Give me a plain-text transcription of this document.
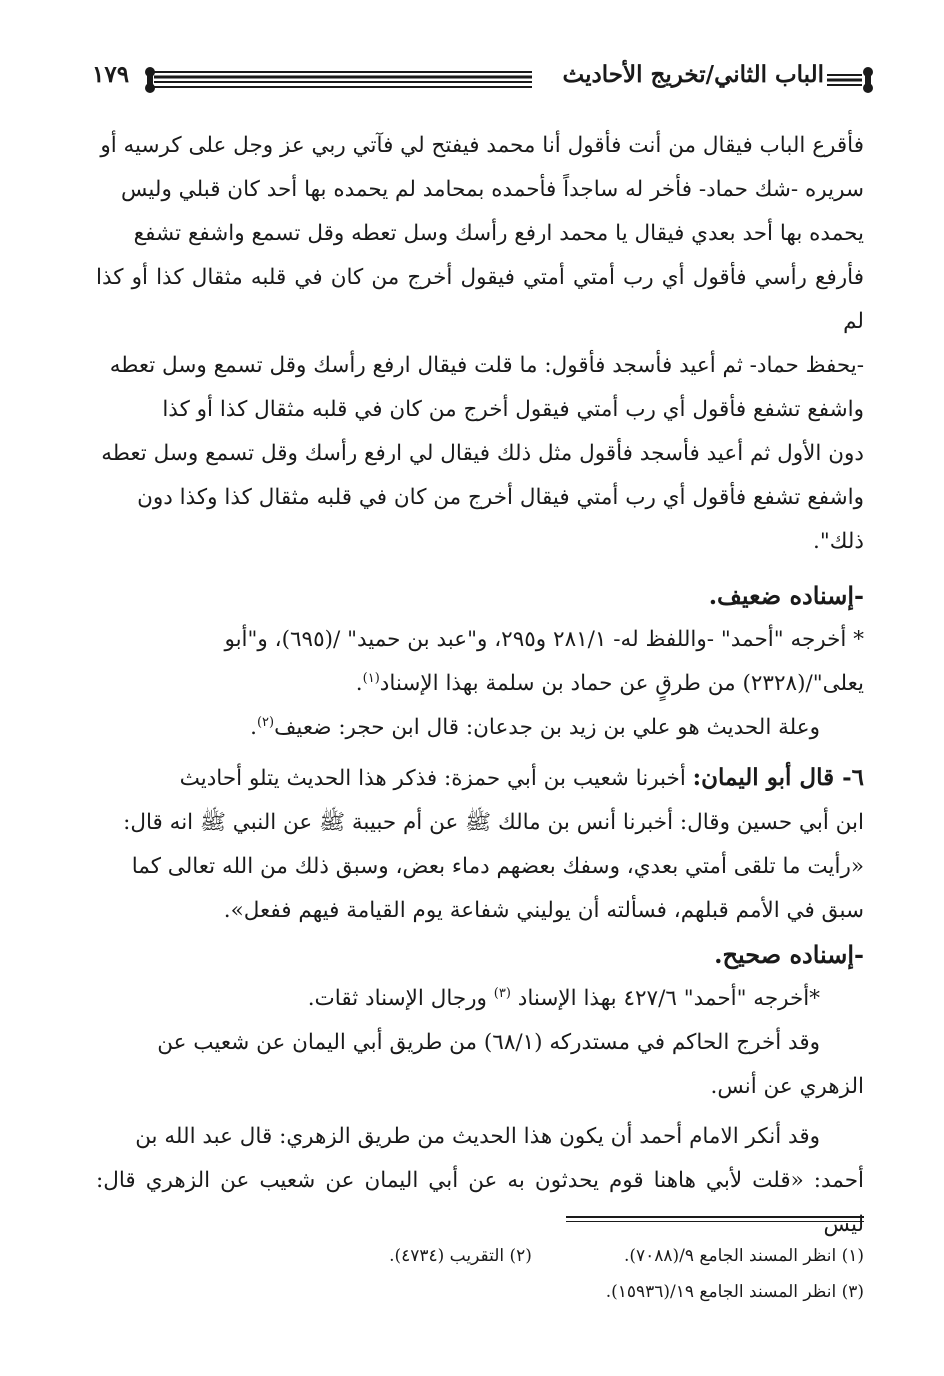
الباب الثاني/تخريج الأحاديث
١٧٩

فأقرع الباب فيقال من أنت فأقول أنا محمد فيفتح لي فآتي ربي عز وجل على كرسيه أو

سريره -شك حماد- فأخر له ساجداً فأحمده بمحامد لم يحمده بها أحد كان قبلي وليس

يحمده بها أحد بعدي فيقال يا محمد ارفع رأسك وسل تعطه وقل تسمع واشفع تشفع

فأرفع رأسي فأقول أي رب أمتي أمتي فيقول أخرج من كان في قلبه مثقال كذا أو كذا لم

-يحفظ حماد- ثم أعيد فأسجد فأقول: ما قلت فيقال ارفع رأسك وقل تسمع وسل تعطه

واشفع تشفع فأقول أي رب أمتي فيقول أخرج من كان في قلبه مثقال كذا أو كذا

دون الأول ثم أعيد فأسجد فأقول مثل ذلك فيقال لي ارفع رأسك وقل تسمع وسل تعطه

واشفع تشفع فأقول أي رب أمتي فيقال أخرج من كان في قلبه مثقال كذا وكذا دون

ذلك".

-إسناده ضعيف.

* أخرجه "أحمد" -واللفظ له- ٢٨١/١ و٢٩٥، و"عبد بن حميد" /(٦٩٥)، و"أبو

يعلى"/(٢٣٢٨) من طرقٍ عن حماد بن سلمة بهذا الإسناد$^{(١)}$.

وعلة الحديث هو علي بن زيد بن جدعان: قال ابن حجر: ضعيف$^{(٢)}$.

٦- قال أبو اليمان: أخبرنا شعيب بن أبي حمزة: فذكر هذا الحديث يتلو أحاديث

ابن أبي حسين وقال: أخبرنا أنس بن مالك ﷺ عن أم حبيبة ﷺ عن النبي ﷺ انه قال:

«رأيت ما تلقى أمتي بعدي، وسفك بعضهم دماء بعض، وسبق ذلك من الله تعالى كما

سبق في الأمم قبلهم، فسألته أن يوليني شفاعة يوم القيامة فيهم ففعل».

-إسناده صحيح.

*أخرجه "أحمد" ٤٢٧/٦ بهذا الإسناد $^{(٣)}$ ورجال الإسناد ثقات.

وقد أخرج الحاكم في مستدركه (٦٨/١) من طريق أبي اليمان عن شعيب عن

الزهري عن أنس.

وقد أنكر الامام أحمد أن يكون هذا الحديث من طريق الزهري: قال عبد الله بن

أحمد: «قلت لأبي هاهنا قوم يحدثون به عن أبي اليمان عن شعيب عن الزهري قال: ليس

(١) انظر المسند الجامع ٩/(٧٠٨٨).
(٢) التقريب (٤٧٣٤).
(٣) انظر المسند الجامع ١٩/(١٥٩٣٦).
